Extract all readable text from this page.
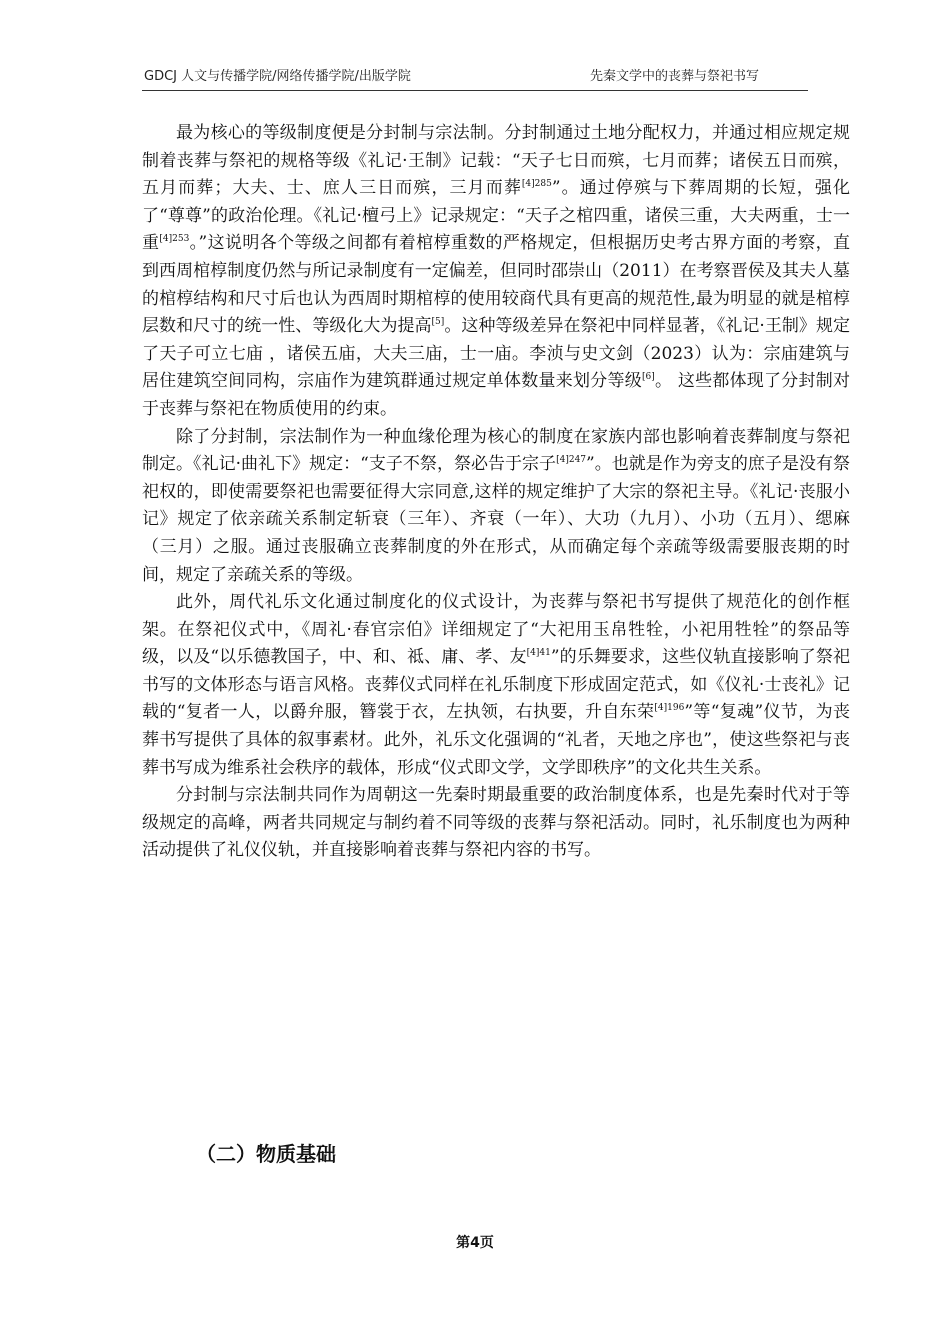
GDCJ 人文与传播学院/网络传播学院/出版学院	先秦文学中的丧葬与祭祀书写

最为核心的等级制度便是分封制与宗法制。分封制通过土地分配权力，并通过相应规定规制着丧葬与祭祀的规格等级《礼记·王制》记载：“天子七日而殡，七月而葬；诸侯五日而殡，五月而葬；大夫、士、庶人三日而殡，三月而葬$^{[4]285}$”。通过停殡与下葬周期的长短，强化了“尊尊”的政治伦理。《礼记·檀弓上》记录规定：“天子之棺四重，诸侯三重，大夫两重，士一重$^{[4]253}$。”这说明各个等级之间都有着棺椁重数的严格规定，但根据历史考古界方面的考察，直到西周棺椁制度仍然与所记录制度有一定偏差，但同时邵崇山（2011）在考察晋侯及其夫人墓的棺椁结构和尺寸后也认为西周时期棺椁的使用较商代具有更高的规范性,最为明显的就是棺椁层数和尺寸的统一性、等级化大为提高[5]。这种等级差异在祭祀中同样显著，《礼记·王制》规定了天子可立七庙 ，诸侯五庙，大夫三庙，士一庙。李浈与史文剑（2023）认为：宗庙建筑与居住建筑空间同构，宗庙作为建筑群通过规定单体数量来划分等级[6]。 这些都体现了分封制对于丧葬与祭祀在物质使用的约束。

除了分封制，宗法制作为一种血缘伦理为核心的制度在家族内部也影响着丧葬制度与祭祀制定。《礼记·曲礼下》规定：“支子不祭，祭必告于宗子$^{[4]247}$”。也就是作为旁支的庶子是没有祭祀权的，即使需要祭祀也需要征得大宗同意,这样的规定维护了大宗的祭祀主导。《礼记·丧服小记》规定了依亲疏关系制定斩衰（三年）、齐衰（一年）、大功（九月）、小功（五月）、缌麻（三月）之服。通过丧服确立丧葬制度的外在形式，从而确定每个亲疏等级需要服丧期的时间，规定了亲疏关系的等级。

此外，周代礼乐文化通过制度化的仪式设计，为丧葬与祭祀书写提供了规范化的创作框架。在祭祀仪式中，《周礼·春官宗伯》详细规定了“大祀用玉帛牲牷，小祀用牲牷”的祭品等级，以及“以乐德教国子，中、和、祗、庸、孝、友$^{[4]41}$”的乐舞要求，这些仪轨直接影响了祭祀书写的文体形态与语言风格。丧葬仪式同样在礼乐制度下形成固定范式，如《仪礼·士丧礼》记载的“复者一人，以爵弁服，簪裳于衣，左执领，右执要，升自东荣$^{[4]196}$”等“复魂”仪节，为丧葬书写提供了具体的叙事素材。此外，礼乐文化强调的“礼者，天地之序也”，使这些祭祀与丧葬书写成为维系社会秩序的载体，形成“仪式即文学，文学即秩序”的文化共生关系。

分封制与宗法制共同作为周朝这一先秦时期最重要的政治制度体系，也是先秦时代对于等级规定的高峰，两者共同规定与制约着不同等级的丧葬与祭祀活动。同时，礼乐制度也为两种活动提供了礼仪仪轨，并直接影响着丧葬与祭祀内容的书写。

（二）物质基础
第4页
